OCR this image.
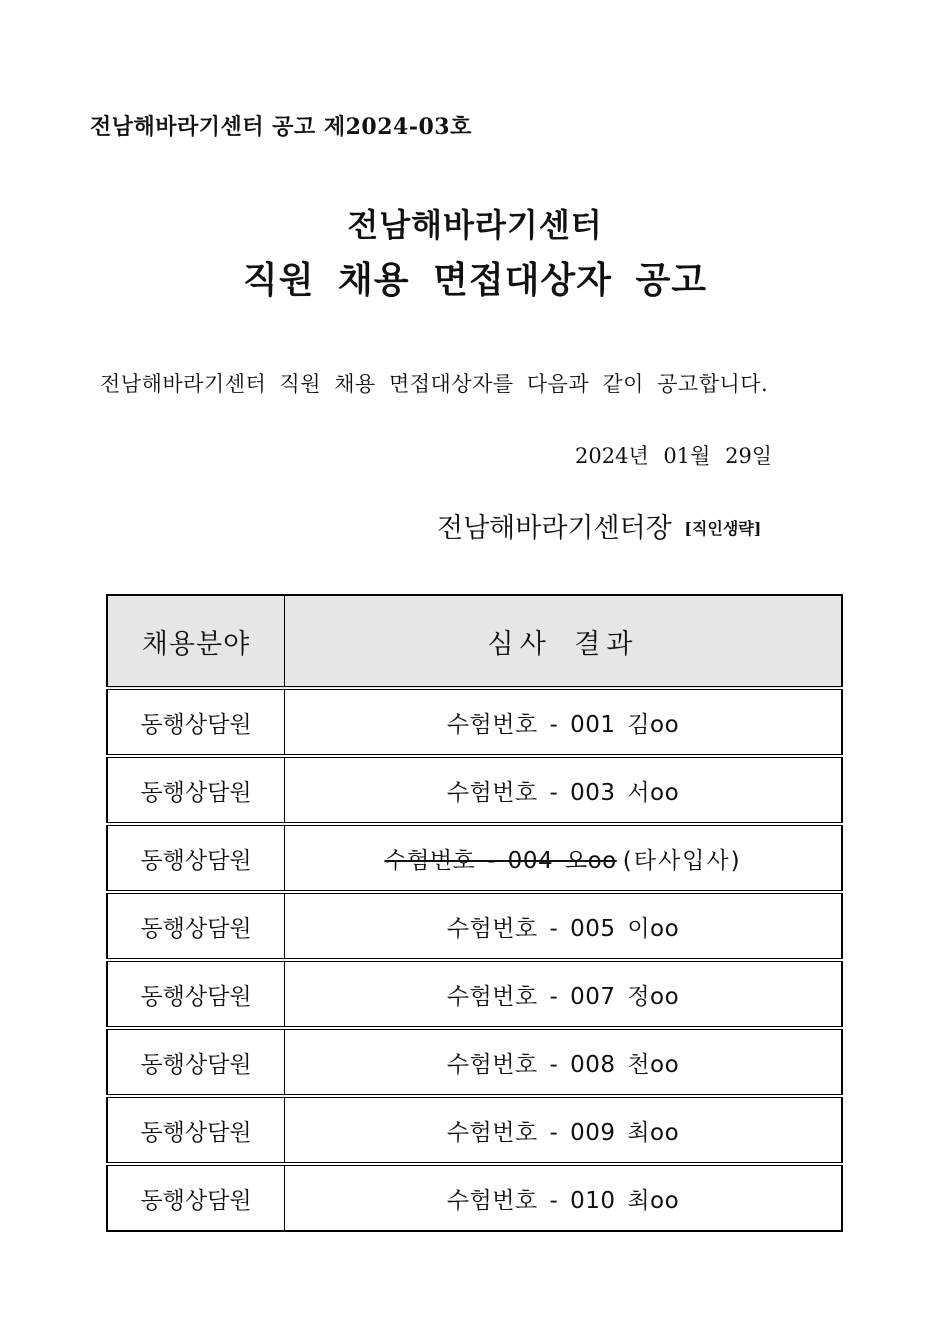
전남해바라기센터 공고 제2024-03호
전남해바라기센터
직원 채용 면접대상자 공고
전남해바라기센터 직원 채용 면접대상자를 다음과 같이 공고합니다.
2024년 01월 29일
전남해바라기센터장 [직인생략]
채용분야	심사 결과
동행상담원	수험번호 - 001 김oo
동행상담원	수험번호 - 003 서oo
동행상담원	수험번호 - 004 오oo (타사입사)
동행상담원	수험번호 - 005 이oo
동행상담원	수험번호 - 007 정oo
동행상담원	수험번호 - 008 천oo
동행상담원	수험번호 - 009 최oo
동행상담원	수험번호 - 010 최oo
